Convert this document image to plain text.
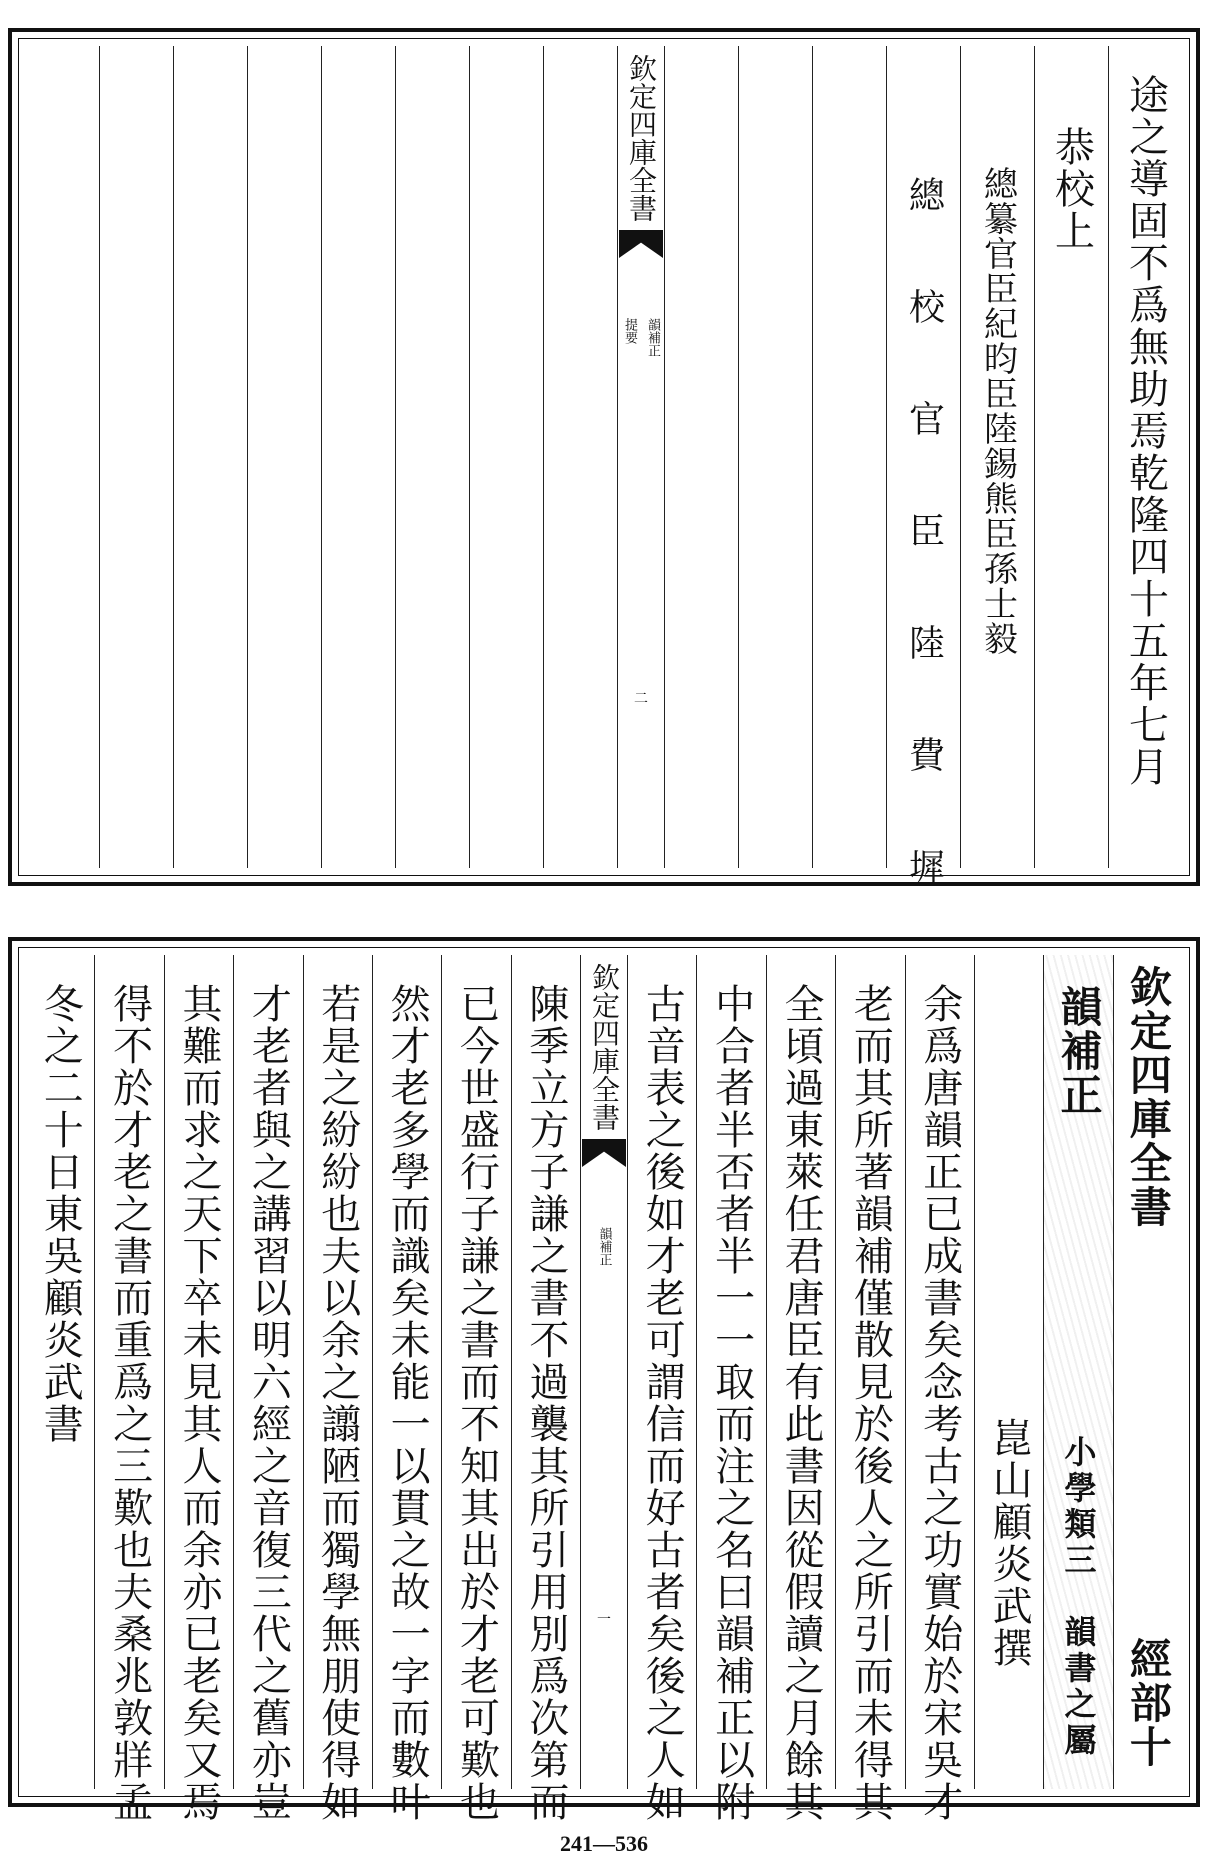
途之導固不爲無助焉乾隆四十五年七月
恭校上
總纂官臣紀昀臣陸錫熊臣孫士毅
總　校　官　臣　陸　費　墀
欽定四庫全書
韻補正
提要
二
欽定四庫全書
經部十
韻補正
小學類三　韻書之屬
崑山顧炎武撰
余爲唐韻正已成書矣念考古之功實始於宋吳才
老而其所著韻補僅散見於後人之所引而未得其
全頃過東萊任君唐臣有此書因從假讀之月餘其
中合者半否者半一一取而注之名曰韻補正以附
古音表之後如才老可謂信而好古者矣後之人如
欽定四庫全書
韻補正
一
陳季立方子謙之書不過襲其所引用別爲次第而
已今世盛行子謙之書而不知其出於才老可歎也
然才老多學而識矣未能一以貫之故一字而數叶
若是之紛紛也夫以余之譾陋而獨學無朋使得如
才老者與之講習以明六經之音復三代之舊亦豈
其難而求之天下卒未見其人而余亦已老矣又焉
得不於才老之書而重爲之三歎也夫桑兆敦牂孟
冬之二十日東吳顧炎武書
241—536
